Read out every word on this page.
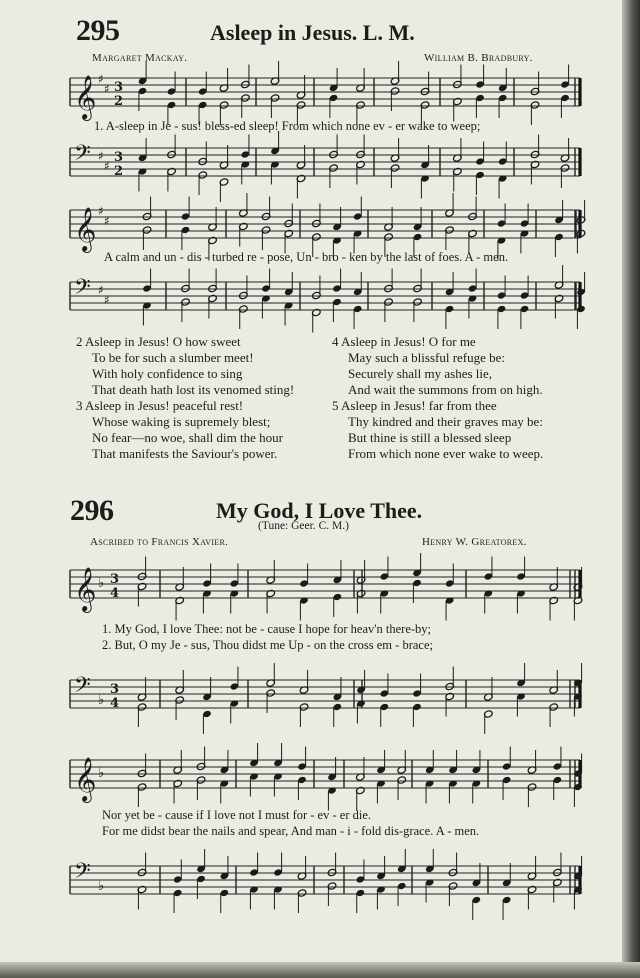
295	Asleep in Jesus. L. M.
Margaret Mackay.	William B. Bradbury.
𝄞 ♯
♯ 3
2
1. A-sleep in Je - sus! bless-ed sleep! From which none ev - er wake to weep;
𝄢 ♯
♯
3
2
𝄞 ♯
♯
A calm and un - dis - turbed re - pose, Un - bro - ken by the last of foes. A - men.
𝄢 ♯
♯
2 Asleep in Jesus! O how sweet
To be for such a slumber meet!
With holy confidence to sing
That death hath lost its venomed sting!
3 Asleep in Jesus! peaceful rest!
Whose waking is supremely blest;
No fear—no woe, shall dim the hour
That manifests the Saviour's power.
4 Asleep in Jesus! O for me
May such a blissful refuge be:
Securely shall my ashes lie,
And wait the summons from on high.
5 Asleep in Jesus! far from thee
Thy kindred and their graves may be:
But thine is still a blessed sleep
From which none ever wake to weep.
296	My God, I Love Thee.
(Tune: Geer. C. M.)
Ascribed to Francis Xavier.	Henry W. Greatorex.
𝄞 ♭ 3
4
1. My God, I love Thee: not be - cause I hope for heav'n there-by;
2. But, O my Je - sus, Thou didst me Up - on the cross em - brace;
𝄢 ♭
3
4
𝄞 ♭
Nor yet be - cause if I love not I must for - ev - er die.
For me didst bear the nails and spear, And man - i - fold dis-grace. A - men.
𝄢 ♭
